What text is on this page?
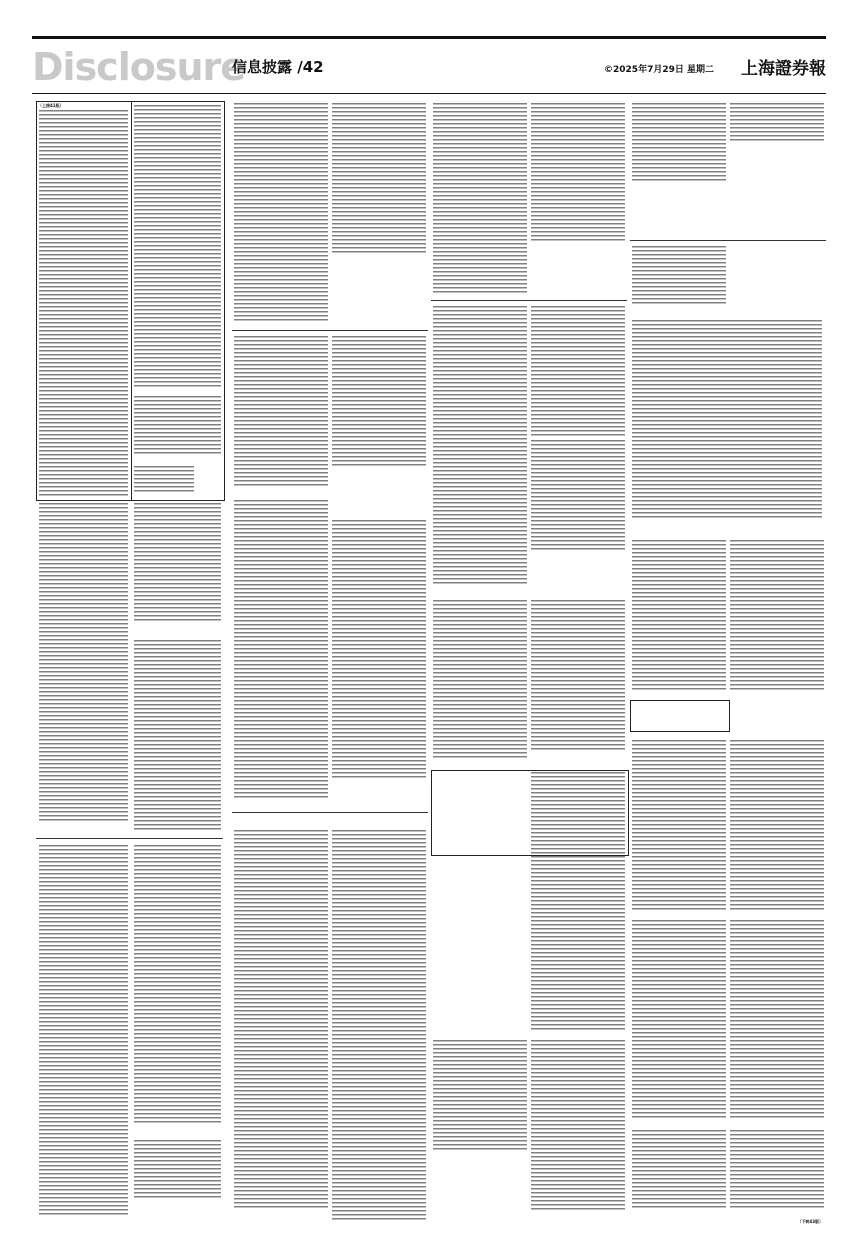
Disclosure
信息披露 /42	©2025年7月29日 星期二 上海證券報
（上接41版）
（下转43版）
